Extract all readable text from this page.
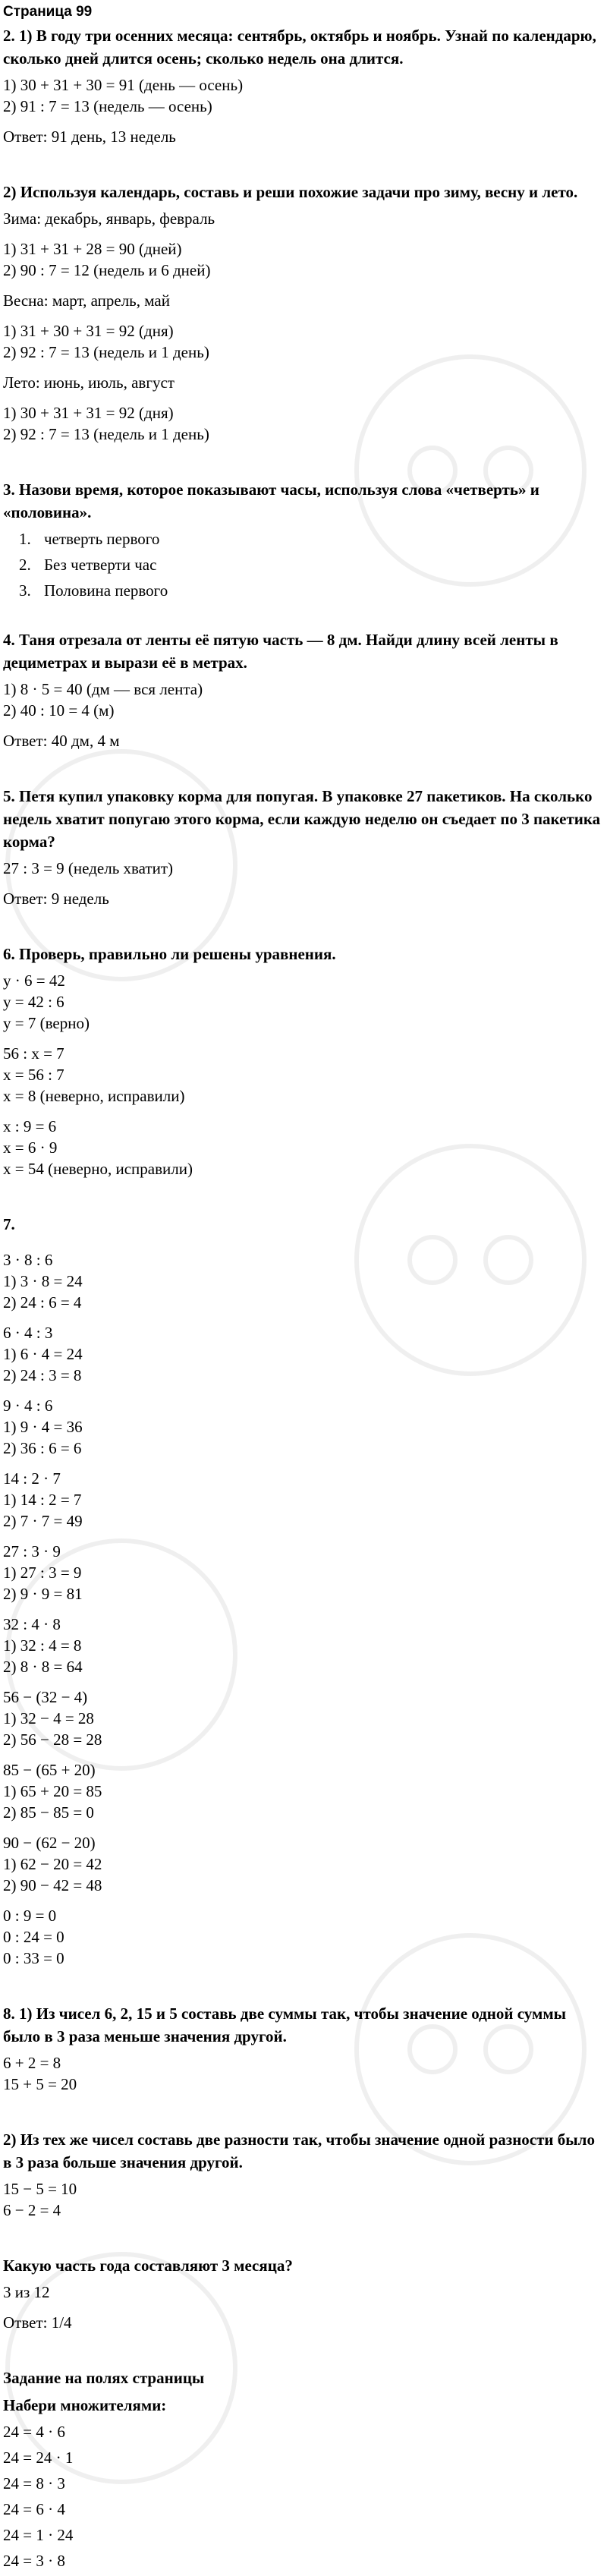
Страница 99
2. 1) В году три осенних месяца: сентябрь, октябрь и ноябрь. Узнай по календарю, сколько дней длится осень; сколько недель она длится.
1) 30 + 31 + 30 = 91 (день — осень)
2) 91 : 7 = 13 (недель — осень)
Ответ: 91 день, 13 недель
2) Используя календарь, составь и реши похожие задачи про зиму, весну и лето.
Зима: декабрь, январь, февраль
1) 31 + 31 + 28 = 90 (дней)
2) 90 : 7 = 12 (недель и 6 дней)
Весна: март, апрель, май
1) 31 + 30 + 31 = 92 (дня)
2) 92 : 7 = 13 (недель и 1 день)
Лето: июнь, июль, август
1) 30 + 31 + 31 = 92 (дня)
2) 92 : 7 = 13 (недель и 1 день)
3. Назови время, которое показывают часы, используя слова «четверть» и «половина».
1. четверть первого
2. Без четверти час
3. Половина первого
4. Таня отрезала от ленты её пятую часть — 8 дм. Найди длину всей ленты в дециметрах и вырази её в метрах.
1) 8 · 5 = 40 (дм — вся лента)
2) 40 : 10 = 4 (м)
Ответ: 40 дм, 4 м
5. Петя купил упаковку корма для попугая. В упаковке 27 пакетиков. На сколько недель хватит попугаю этого корма, если каждую неделю он съедает по 3 пакетика корма?
27 : 3 = 9 (недель хватит)
Ответ: 9 недель
6. Проверь, правильно ли решены уравнения.
y · 6 = 42
y = 42 : 6
y = 7 (верно)
56 : x = 7
x = 56 : 7
x = 8 (неверно, исправили)
x : 9 = 6
x = 6 · 9
x = 54 (неверно, исправили)
7.
3 · 8 : 6
1) 3 · 8 = 24
2) 24 : 6 = 4
6 · 4 : 3
1) 6 · 4 = 24
2) 24 : 3 = 8
9 · 4 : 6
1) 9 · 4 = 36
2) 36 : 6 = 6
14 : 2 · 7
1) 14 : 2 = 7
2) 7 · 7 = 49
27 : 3 · 9
1) 27 : 3 = 9
2) 9 · 9 = 81
32 : 4 · 8
1) 32 : 4 = 8
2) 8 · 8 = 64
56 − (32 − 4)
1) 32 − 4 = 28
2) 56 − 28 = 28
85 − (65 + 20)
1) 65 + 20 = 85
2) 85 − 85 = 0
90 − (62 − 20)
1) 62 − 20 = 42
2) 90 − 42 = 48
0 : 9 = 0
0 : 24 = 0
0 : 33 = 0
8. 1) Из чисел 6, 2, 15 и 5 составь две суммы так, чтобы значение одной суммы было в 3 раза меньше значения другой.
6 + 2 = 8
15 + 5 = 20
2) Из тех же чисел составь две разности так, чтобы значение одной разности было в 3 раза больше значения другой.
15 − 5 = 10
6 − 2 = 4
Какую часть года составляют 3 месяца?
3 из 12
Ответ: 1/4
Задание на полях страницы
Набери множителями:
24 = 4 · 6
24 = 24 · 1
24 = 8 · 3
24 = 6 · 4
24 = 1 · 24
24 = 3 · 8
